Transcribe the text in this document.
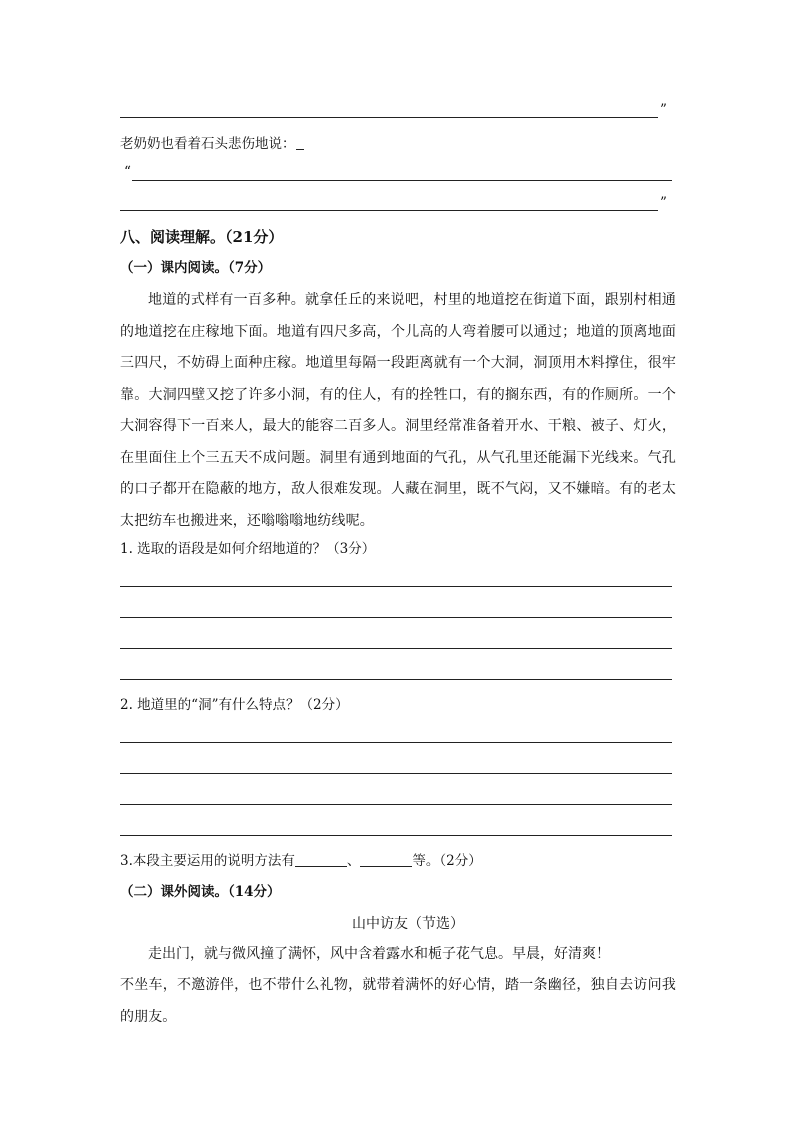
”
老奶奶也看着石头悲伤地说：
“
”
八、阅读理解。（21分）
（一）课内阅读。（7分）
地道的式样有一百多种。就拿任丘的来说吧，村里的地道挖在街道下面，跟别村相通的地道挖在庄稼地下面。地道有四尺多高，个儿高的人弯着腰可以通过；地道的顶离地面三四尺，不妨碍上面种庄稼。地道里每隔一段距离就有一个大洞，洞顶用木料撑住，很牢靠。大洞四壁又挖了许多小洞，有的住人，有的拴牲口，有的搁东西，有的作厕所。一个大洞容得下一百来人，最大的能容二百多人。洞里经常准备着开水、干粮、被子、灯火，在里面住上个三五天不成问题。洞里有通到地面的气孔，从气孔里还能漏下光线来。气孔的口子都开在隐蔽的地方，敌人很难发现。人藏在洞里，既不气闷，又不嫌暗。有的老太太把纺车也搬进来，还嗡嗡嗡地纺线呢。
1. 选取的语段是如何介绍地道的？（3分）
2. 地道里的“洞”有什么特点？（2分）
3.本段主要运用的说明方法有	、	等。（2分）
（二）课外阅读。（14分）
山中访友（节选）
走出门，就与微风撞了满怀，风中含着露水和栀子花气息。早晨，好清爽！
不坐车，不邀游伴，也不带什么礼物，就带着满怀的好心情，踏一条幽径，独自去访问我的朋友。
